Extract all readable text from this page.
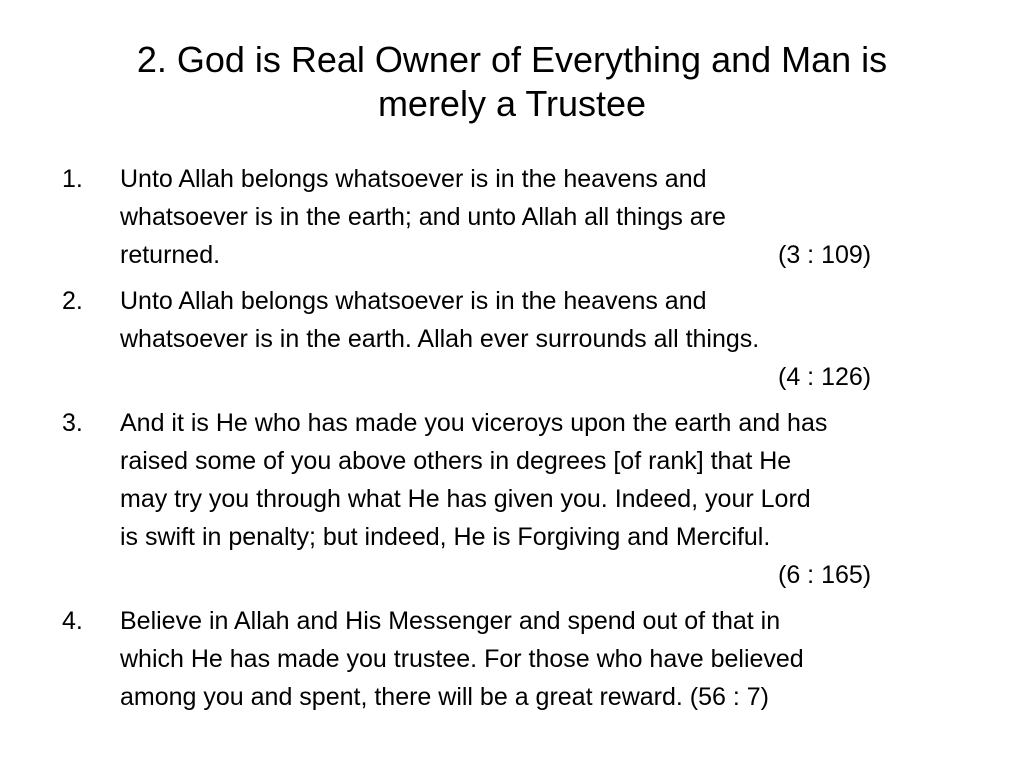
2. God is Real Owner of Everything and Man is
merely a Trustee
1. Unto Allah belongs whatsoever is in the heavens and
whatsoever is in the earth; and unto Allah all things are
returned.	(3 : 109)
2. Unto Allah belongs whatsoever is in the heavens and
whatsoever is in the earth. Allah ever surrounds all things.
(4 : 126)

3. And it is He who has made you viceroys upon the earth and has
raised some of you above others in degrees [of rank] that He
may try you through what He has given you. Indeed, your Lord
is swift in penalty; but indeed, He is Forgiving and Merciful.
(6 : 165)

4. Believe in Allah and His Messenger and spend out of that in
which He has made you trustee. For those who have believed
among you and spent, there will be a great reward. (56 : 7)
